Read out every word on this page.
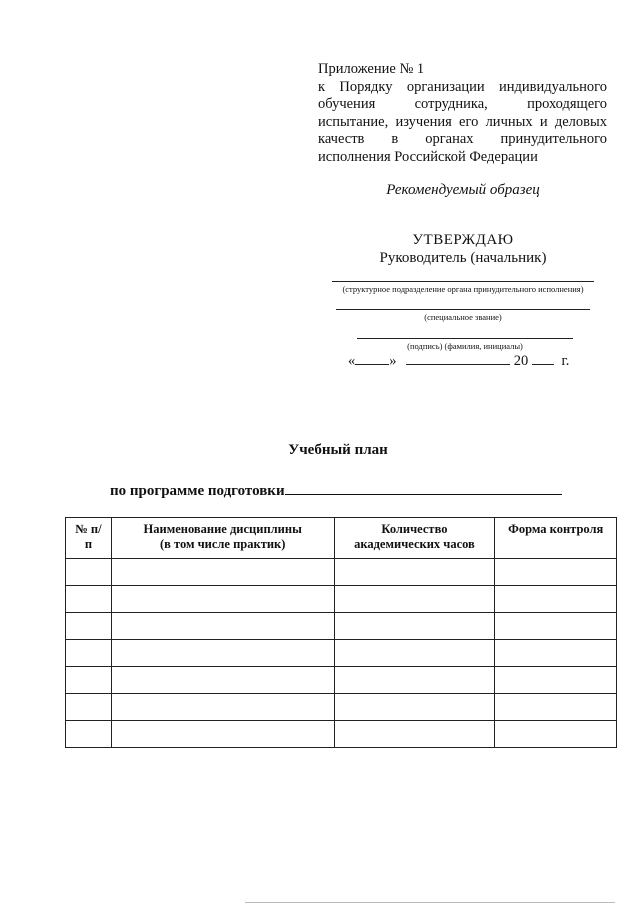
Приложение № 1
к Порядку организации индивидуального
обучения сотрудника, проходящего
испытание, изучения его личных и деловых
качеств в органах принудительного
исполнения Российской Федерации
Рекомендуемый образец
УТВЕРЖДАЮ
Руководитель (начальник)
(структурное подразделение органа принудительного исполнения)
(специальное звание)
(подпись) (фамилия, инициалы)
« »	20 г.
Учебный план
по программе подготовки
№ п/п	Наименование дисциплины (в том числе практик)	Количество академических часов	Форма контроля
